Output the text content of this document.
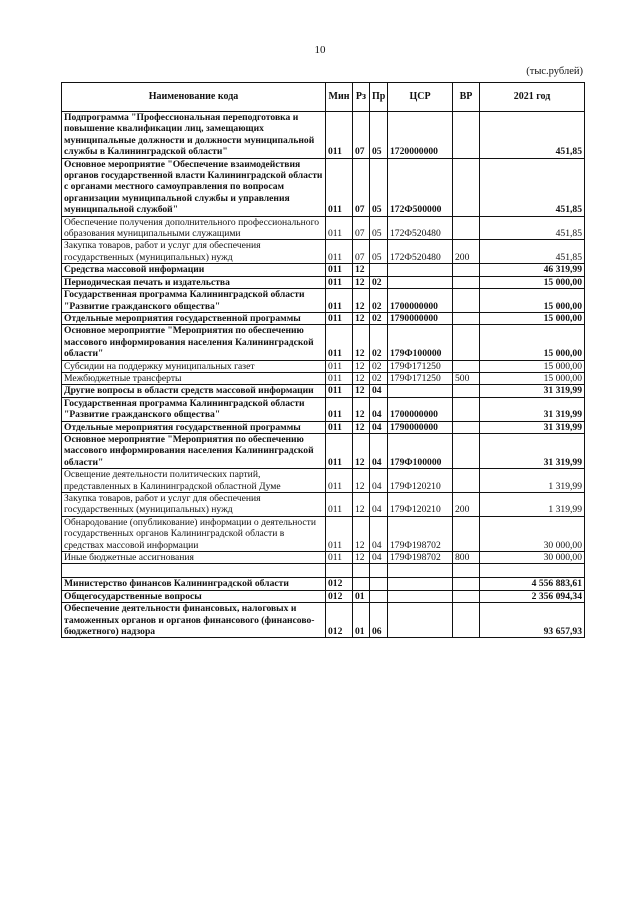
10
(тыс.рублей)
Наименование кода	Мин	Рз	Пр	ЦСР	ВР	2021 год
Подпрограмма "Профессиональная переподготовка и повышение квалификации лиц, замещающих муниципальные должности и должности муниципальной службы в Калининградской области"	011	07	05	1720000000		451,85
Основное мероприятие "Обеспечение взаимодействия органов государственной власти Калининградской области с органами местного самоуправления по вопросам организации муниципальной службы и управления муниципальной службой"	011	07	05	172Ф500000		451,85
Обеспечение получения дополнительного профессионального образования муниципальными служащими	011	07	05	172Ф520480		451,85
Закупка товаров, работ и услуг для обеспечения государственных (муниципальных) нужд	011	07	05	172Ф520480	200	451,85
Средства массовой информации	011	12				46 319,99
Периодическая печать и издательства	011	12	02			15 000,00
Государственная программа Калининградской области "Развитие гражданского общества"	011	12	02	1700000000		15 000,00
Отдельные мероприятия государственной программы	011	12	02	1790000000		15 000,00
Основное мероприятие "Мероприятия по обеспечению массового информирования населения Калининградской области"	011	12	02	179Ф100000		15 000,00
Субсидии на поддержку муниципальных газет	011	12	02	179Ф171250		15 000,00
Межбюджетные трансферты	011	12	02	179Ф171250	500	15 000,00
Другие вопросы в области средств массовой информации	011	12	04			31 319,99
Государственная программа Калининградской области "Развитие гражданского общества"	011	12	04	1700000000		31 319,99
Отдельные мероприятия государственной программы	011	12	04	1790000000		31 319,99
Основное мероприятие "Мероприятия по обеспечению массового информирования населения Калининградской области"	011	12	04	179Ф100000		31 319,99
Освещение деятельности политических партий, представленных в Калининградской областной Думе	011	12	04	179Ф120210		1 319,99
Закупка товаров, работ и услуг для обеспечения государственных (муниципальных) нужд	011	12	04	179Ф120210	200	1 319,99
Обнародование (опубликование) информации о деятельности государственных органов Калининградской области в средствах массовой информации	011	12	04	179Ф198702		30 000,00
Иные бюджетные ассигнования	011	12	04	179Ф198702	800	30 000,00

Министерство финансов Калининградской области	012					4 556 883,61
Общегосударственные вопросы	012	01				2 356 094,34
Обеспечение деятельности финансовых, налоговых и таможенных органов и органов финансового (финансово-бюджетного) надзора	012	01	06			93 657,93
